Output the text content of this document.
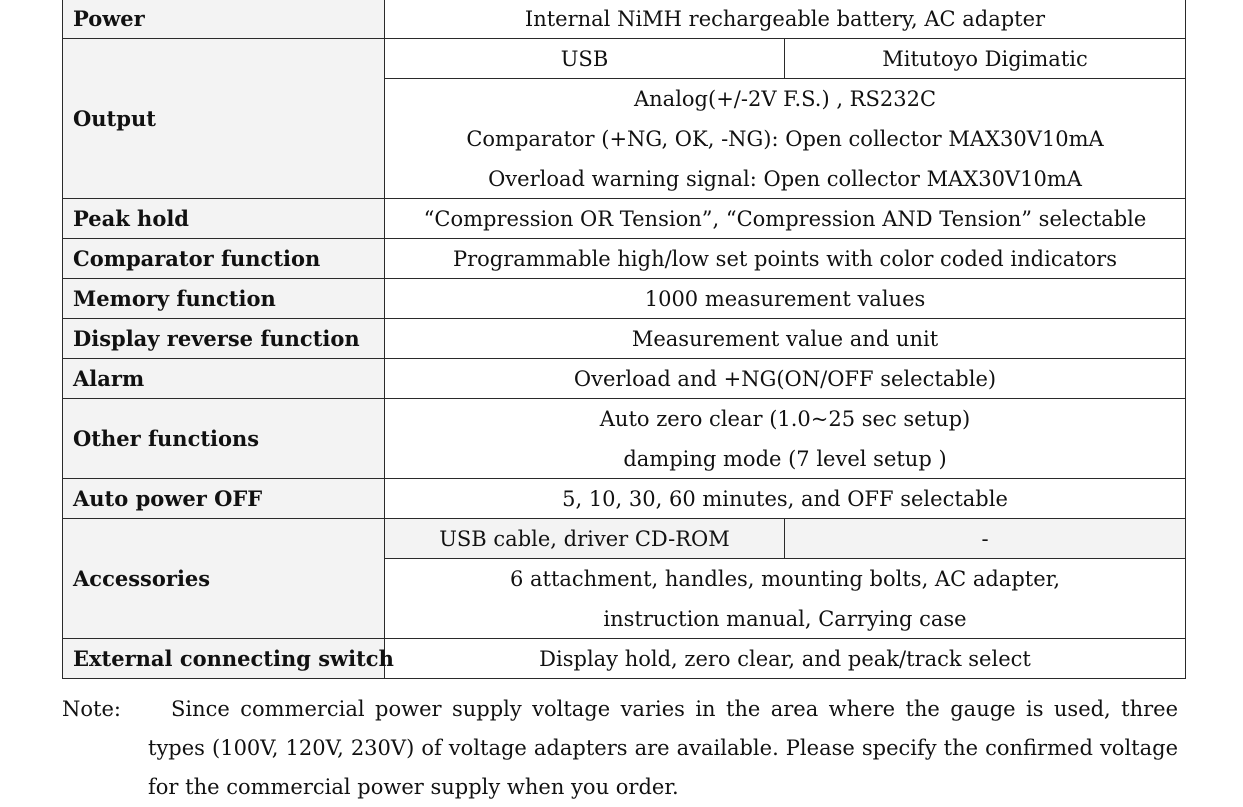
Power	Internal NiMH rechargeable battery, AC adapter	
Output	USB	Mitutoyo Digimatic

	Analog(+/-2V F.S.) , RS232C
Comparator (+NG, OK, -NG): Open collector MAX30V10mA
Overload warning signal: Open collector MAX30V10mA	

Peak hold	“Compression OR Tension”, “Compression AND Tension” selectable	
Comparator function	Programmable high/low set points with color coded indicators	
Memory function	1000 measurement values	
Display reverse function	Measurement value and unit	
Alarm	Overload and +NG(ON/OFF selectable)	
Other functions	Auto zero clear (1.0~25 sec setup)
damping mode (7 level setup )	

Auto power OFF	5, 10, 30, 60 minutes, and OFF selectable	
Accessories	USB cable, driver CD-ROM	-

	6 attachment, handles, mounting bolts, AC adapter,
instruction manual, Carrying case	

External connecting switch	Display hold, zero clear, and peak/track select	
Note:	Since commercial power supply voltage varies in the area where the gauge is used, three types (100V, 120V, 230V) of voltage adapters are available. Please specify the confirmed voltage for the commercial power supply when you order.
